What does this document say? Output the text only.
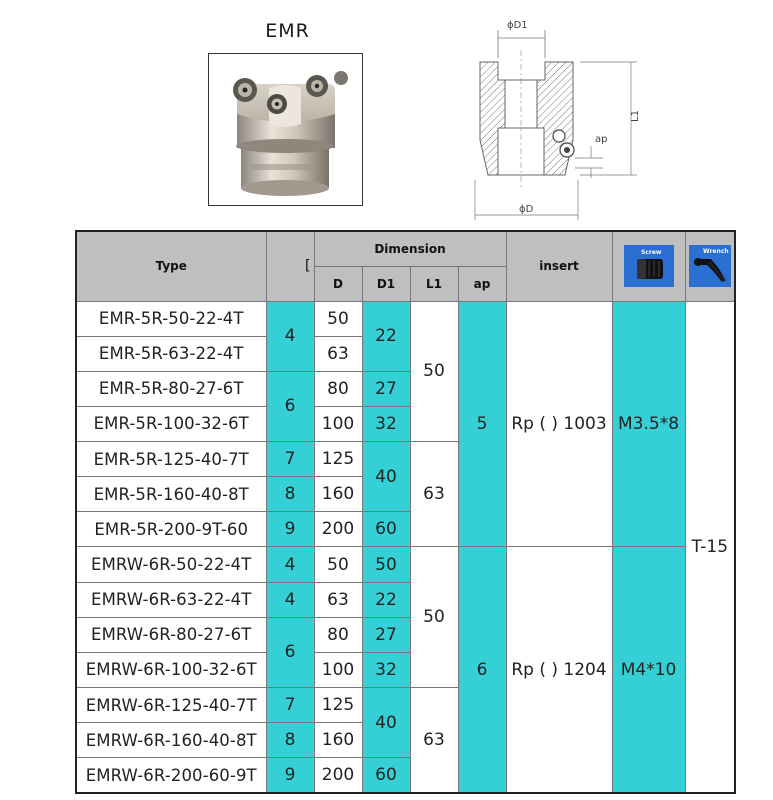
EMR	ϕD1
L1
ap
ϕD
Type	[	Dimension				insert	Screw	Wrench

		D	D1	L1	ap			
EMR-5R-50-22-4T	4	50	22	50	5	Rp ( ) 1003	M3.5*8	T-15
EMR-5R-63-22-4T		63						
EMR-5R-80-27-6T	6	80	27					
EMR-5R-100-32-6T		100	32					
EMR-5R-125-40-7T	7	125	40	63				
EMR-5R-160-40-8T	8	160						
EMR-5R-200-9T-60	9	200	60					
EMRW-6R-50-22-4T	4	50	50	50	6	Rp ( ) 1204	M4*10	
EMRW-6R-63-22-4T	4	63	22					
EMRW-6R-80-27-6T	6	80	27					
EMRW-6R-100-32-6T		100	32					
EMRW-6R-125-40-7T	7	125	40	63				
EMRW-6R-160-40-8T	8	160						
EMRW-6R-200-60-9T	9	200	60					
